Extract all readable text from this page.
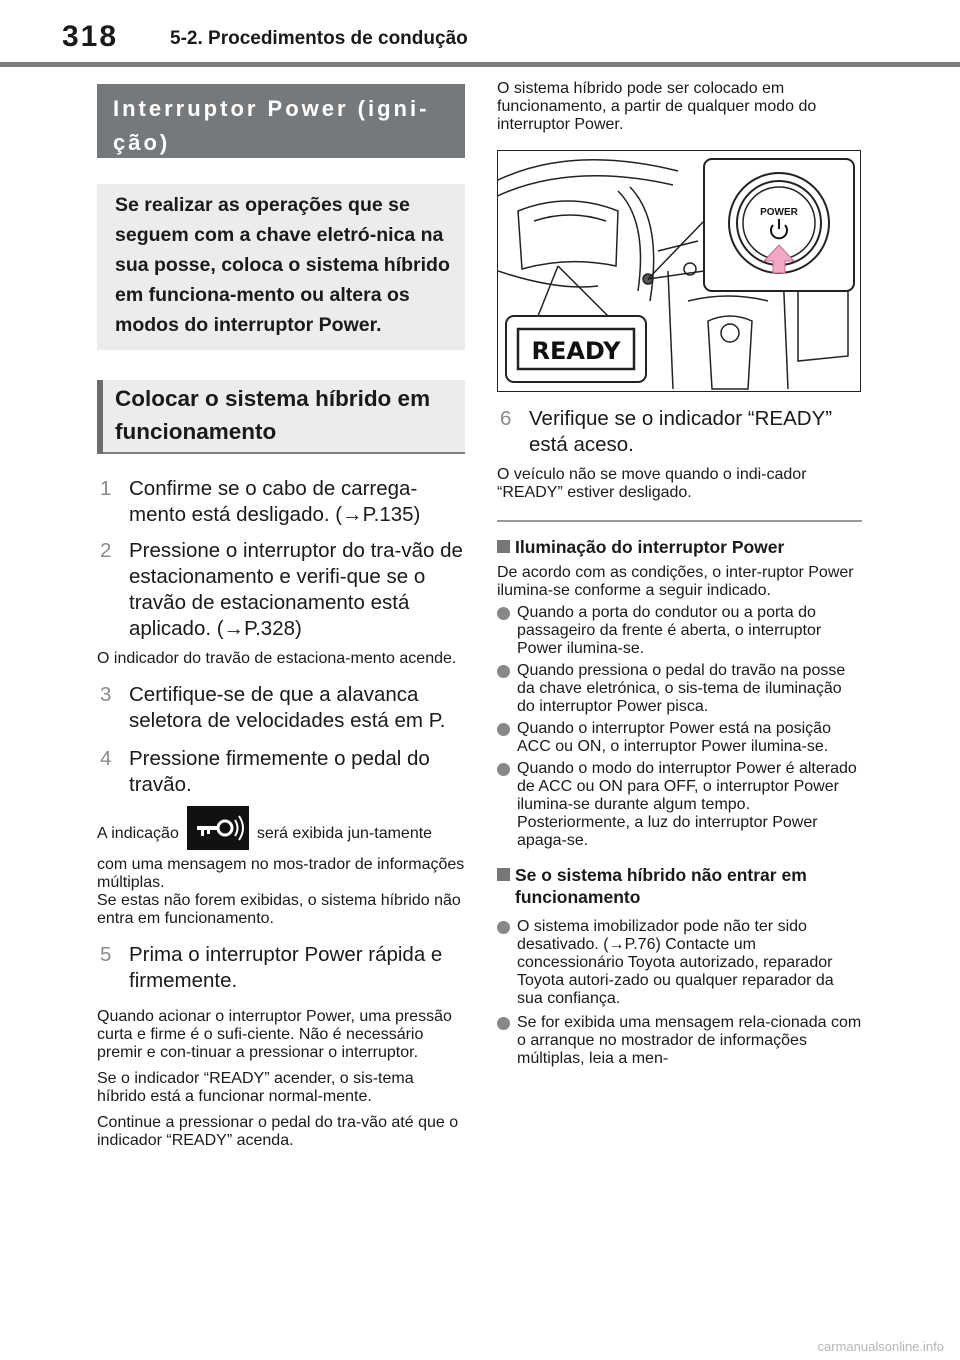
318	5-2. Procedimentos de condução
Interruptor Power (igni-ção)
Se realizar as operações que se seguem com a chave eletró-nica na sua posse, coloca o sistema híbrido em funciona-mento ou altera os modos do interruptor Power.
Colocar o sistema híbrido em funcionamento
1 Confirme se o cabo de carrega-mento está desligado. (→P.135)
2 Pressione o interruptor do tra-vão de estacionamento e verifi-que se o travão de estacionamento está aplicado. (→P.328)

O indicador do travão de estaciona-mento acende.

3 Certifique-se de que a alavanca seletora de velocidades está em P.
4 Pressione firmemente o pedal do travão.

A indicação	será exibida jun-tamente com uma mensagem no mos-trador de informações múltiplas.

Se estas não forem exibidas, o sistema híbrido não entra em funcionamento.

5 Prima o interruptor Power rápida e firmemente.

Quando acionar o interruptor Power, uma pressão curta e firme é o sufi-ciente. Não é necessário premir e con-tinuar a pressionar o interruptor.

Se o indicador “READY” acender, o sis-tema híbrido está a funcionar normal-mente.

Continue a pressionar o pedal do tra-vão até que o indicador “READY” acenda.

O sistema híbrido pode ser colocado em funcionamento, a partir de qualquer modo do interruptor Power.

POWER
READY
6 Verifique se o indicador “READY” está aceso.

O veículo não se move quando o indi-cador “READY” estiver desligado.

Iluminação do interruptor Power

De acordo com as condições, o inter-ruptor Power ilumina-se conforme a seguir indicado.

Quando a porta do condutor ou a porta do passageiro da frente é aberta, o interruptor Power ilumina-se.
Quando pressiona o pedal do travão na posse da chave eletrónica, o sis-tema de iluminação do interruptor Power pisca.
Quando o interruptor Power está na posição ACC ou ON, o interruptor Power ilumina-se.
Quando o modo do interruptor Power é alterado de ACC ou ON para OFF, o interruptor Power ilumina-se durante algum tempo. Posteriormente, a luz do interruptor Power apaga-se.
Se o sistema híbrido não entrar em funcionamento
O sistema imobilizador pode não ter sido desativado. (→P.76) Contacte um concessionário Toyota autorizado, reparador Toyota autori-zado ou qualquer reparador da sua confiança.
Se for exibida uma mensagem rela-cionada com o arranque no mostrador de informações múltiplas, leia a men-
carmanualsonline.info
